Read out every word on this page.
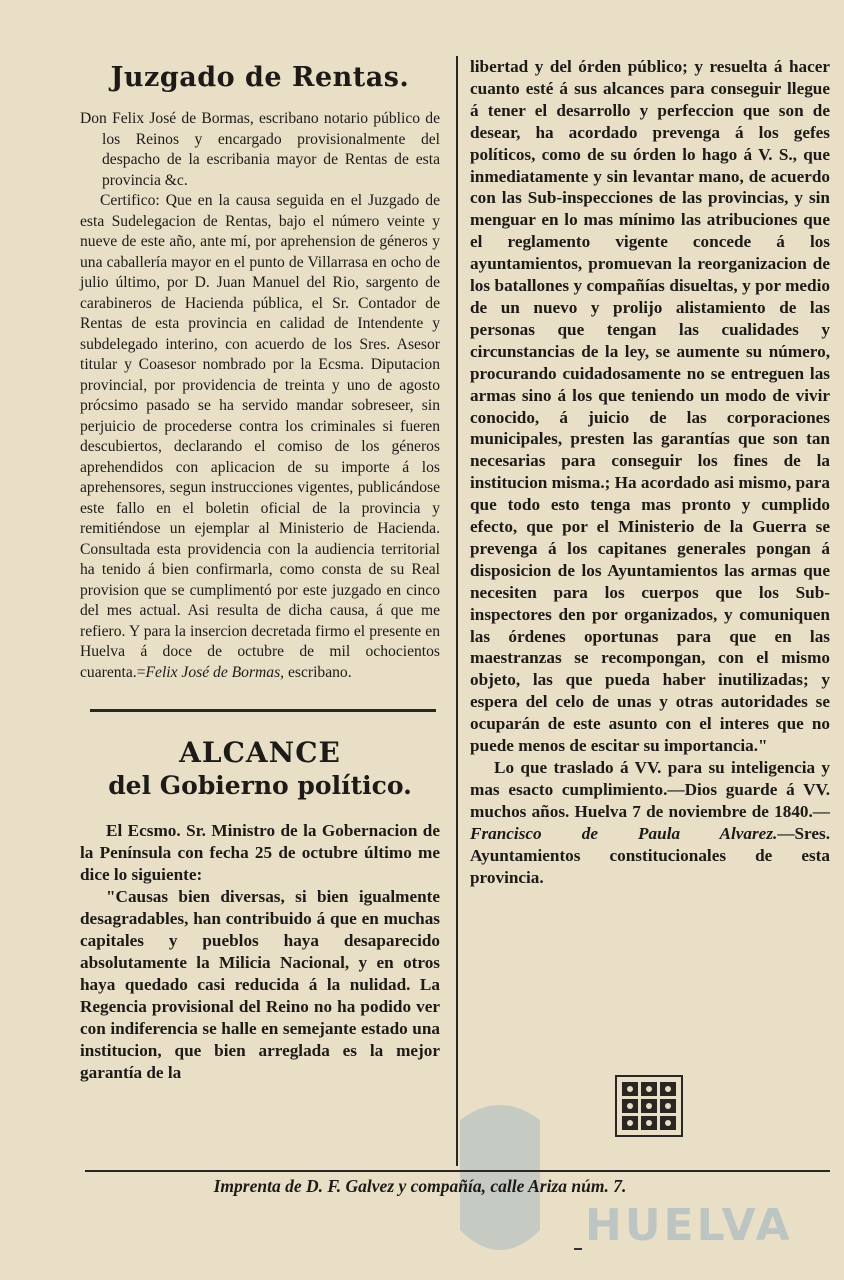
Juzgado de Rentas.

Don Felix José de Bormas, escribano notario público de los Reinos y encargado provisionalmente del despacho de la escribania mayor de Rentas de esta provincia &c.

Certifico: Que en la causa seguida en el Juzgado de esta Sudelegacion de Rentas, bajo el número veinte y nueve de este año, ante mí, por aprehension de géneros y una caballería mayor en el punto de Villarrasa en ocho de julio último, por D. Juan Manuel del Rio, sargento de carabineros de Hacienda pública, el Sr. Contador de Rentas de esta provincia en calidad de Intendente y subdelegado interino, con acuerdo de los Sres. Asesor titular y Coasesor nombrado por la Ecsma. Diputacion provincial, por providencia de treinta y uno de agosto prócsimo pasado se ha servido mandar sobreseer, sin perjuicio de procederse contra los criminales si fueren descubiertos, declarando el comiso de los géneros aprehendidos con aplicacion de su importe á los aprehensores, segun instrucciones vigentes, publicándose este fallo en el boletin oficial de la provincia y remitiéndose un ejemplar al Ministerio de Hacienda. Consultada esta providencia con la audiencia territorial ha tenido á bien confirmarla, como consta de su Real provision que se cumplimentó por este juzgado en cinco del mes actual. Asi resulta de dicha causa, á que me refiero. Y para la insercion decretada firmo el presente en Huelva á doce de octubre de mil ochocientos cuarenta.=Felix José de Bormas, escribano.

ALCANCE
del Gobierno político.

El Ecsmo. Sr. Ministro de la Gobernacion de la Península con fecha 25 de octubre último me dice lo siguiente:

"Causas bien diversas, si bien igualmente desagradables, han contribuido á que en muchas capitales y pueblos haya desaparecido absolutamente la Milicia Nacional, y en otros haya quedado casi reducida á la nulidad. La Regencia provisional del Reino no ha podido ver con indiferencia se halle en semejante estado una institucion, que bien arreglada es la mejor garantía de la

libertad y del órden público; y resuelta á hacer cuanto esté á sus alcances para conseguir llegue á tener el desarrollo y perfeccion que son de desear, ha acordado prevenga á los gefes políticos, como de su órden lo hago á V. S., que inmediatamente y sin levantar mano, de acuerdo con las Sub-inspecciones de las provincias, y sin menguar en lo mas mínimo las atribuciones que el reglamento vigente concede á los ayuntamientos, promuevan la reorganizacion de los batallones y compañías disueltas, y por medio de un nuevo y prolijo alistamiento de las personas que tengan las cualidades y circunstancias de la ley, se aumente su número, procurando cuidadosamente no se entreguen las armas sino á los que teniendo un modo de vivir conocido, á juicio de las corporaciones municipales, presten las garantías que son tan necesarias para conseguir los fines de la institucion misma.; Ha acordado asi mismo, para que todo esto tenga mas pronto y cumplido efecto, que por el Ministerio de la Guerra se prevenga á los capitanes generales pongan á disposicion de los Ayuntamientos las armas que necesiten para los cuerpos que los Sub-inspectores den por organizados, y comuniquen las órdenes oportunas para que en las maestranzas se recompongan, con el mismo objeto, las que pueda haber inutilizadas; y espera del celo de unas y otras autoridades se ocuparán de este asunto con el interes que no puede menos de escitar su importancia."

Lo que traslado á VV. para su inteligencia y mas esacto cumplimiento.—Dios guarde á VV. muchos años. Huelva 7 de noviembre de 1840.—Francisco de Paula Alvarez.—Sres. Ayuntamientos constitucionales de esta provincia.

HUELVA
Imprenta de D. F. Galvez y compañía, calle Ariza núm. 7.
